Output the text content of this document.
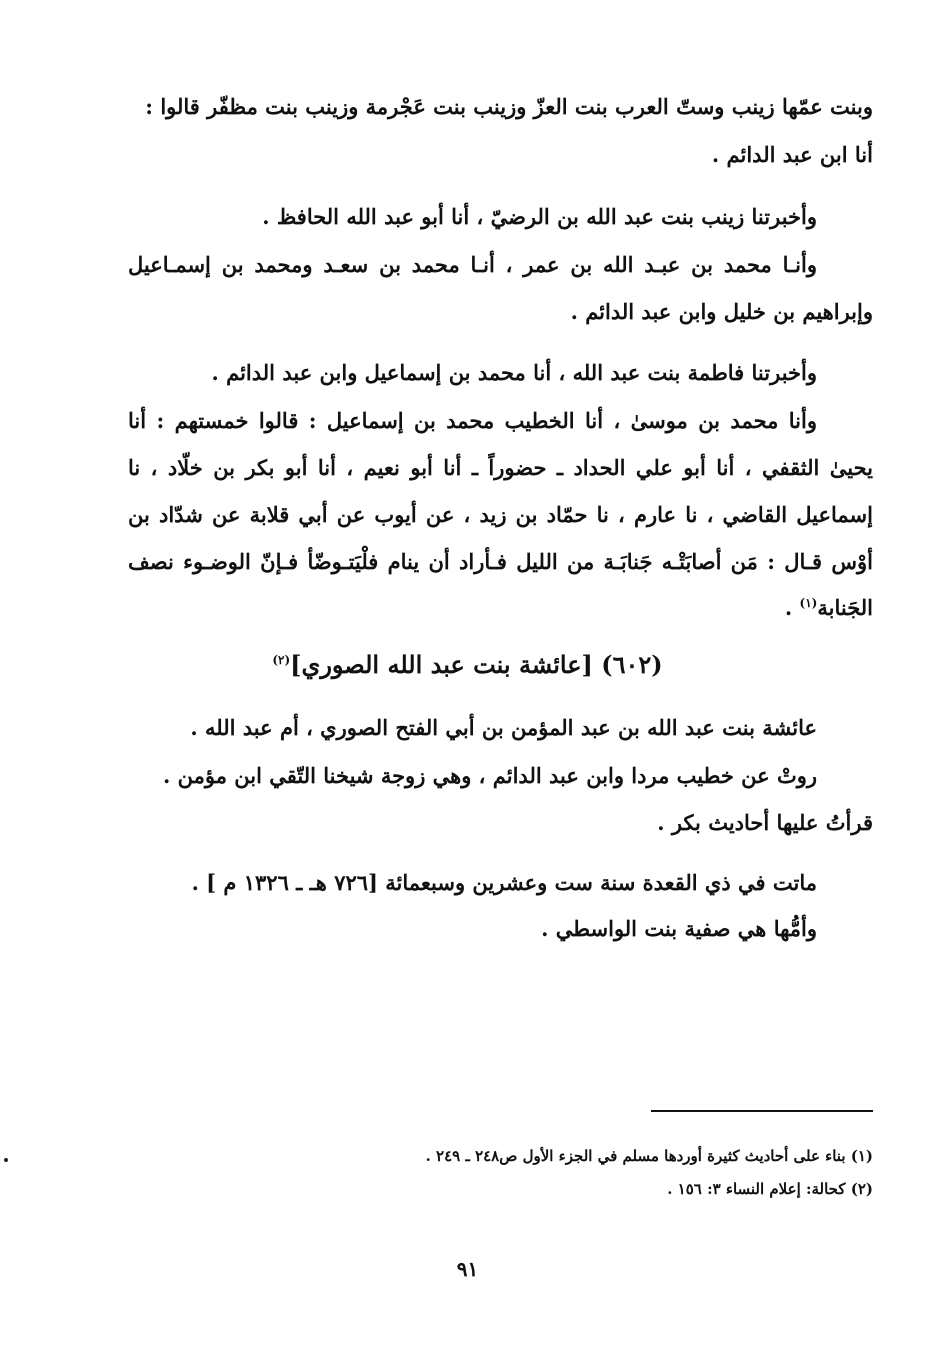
وبنت عمّها زينب وستّ العرب بنت العزّ وزينب بنت عَجْرمة وزينب بنت مظفّر قالوا :
أنا ابن عبد الدائم .
وأخبرتنا زينب بنت عبد الله بن الرضيّ ، أنا أبو عبد الله الحافظ .
وأنـا محمد بن عبـد الله بن عمر ، أنـا محمد بن سعـد ومحمد بن إسمـاعيل
وإبراهيم بن خليل وابن عبد الدائم .
وأخبرتنا فاطمة بنت عبد الله ، أنا محمد بن إسماعيل وابن عبد الدائم .
وأنا محمد بن موسىٰ ، أنا الخطيب محمد بن إسماعيل : قالوا خمستهم : أنا
يحيىٰ الثقفي ، أنا أبو علي الحداد ـ حضوراً ـ أنا أبو نعيم ، أنا أبو بكر بن خلّاد ، نا
إسماعيل القاضي ، نا عارم ، نا حمّاد بن زيد ، عن أيوب عن أبي قلابة عن شدّاد بن
أوْس قـال : مَن أصابَتْـه جَنابَـة من الليل فـأراد أن ينام فلْيَتـوضّأ فـإنّ الوضـوء نصف
الجَنابة$^{(١)}$ .
(٦٠٢) [عائشة بنت عبد الله الصوري]$^{(٢)}$
عائشة بنت عبد الله بن عبد المؤمن بن أبي الفتح الصوري ، أم عبد الله .
روتْ عن خطيب مردا وابن عبد الدائم ، وهي زوجة شيخنا التّقي ابن مؤمن .
قرأتُ عليها أحاديث بكر .
ماتت في ذي القعدة سنة ست وعشرين وسبعمائة [٧٢٦ هـ ـ ١٣٢٦ م ] .
وأمُّها هي صفية بنت الواسطي .
(١) بناء على أحاديث كثيرة أوردها مسلم في الجزء الأول ص٢٤٨ ـ ٢٤٩ .
(٢) كحالة: إعلام النساء ٣: ١٥٦ .
٩١
